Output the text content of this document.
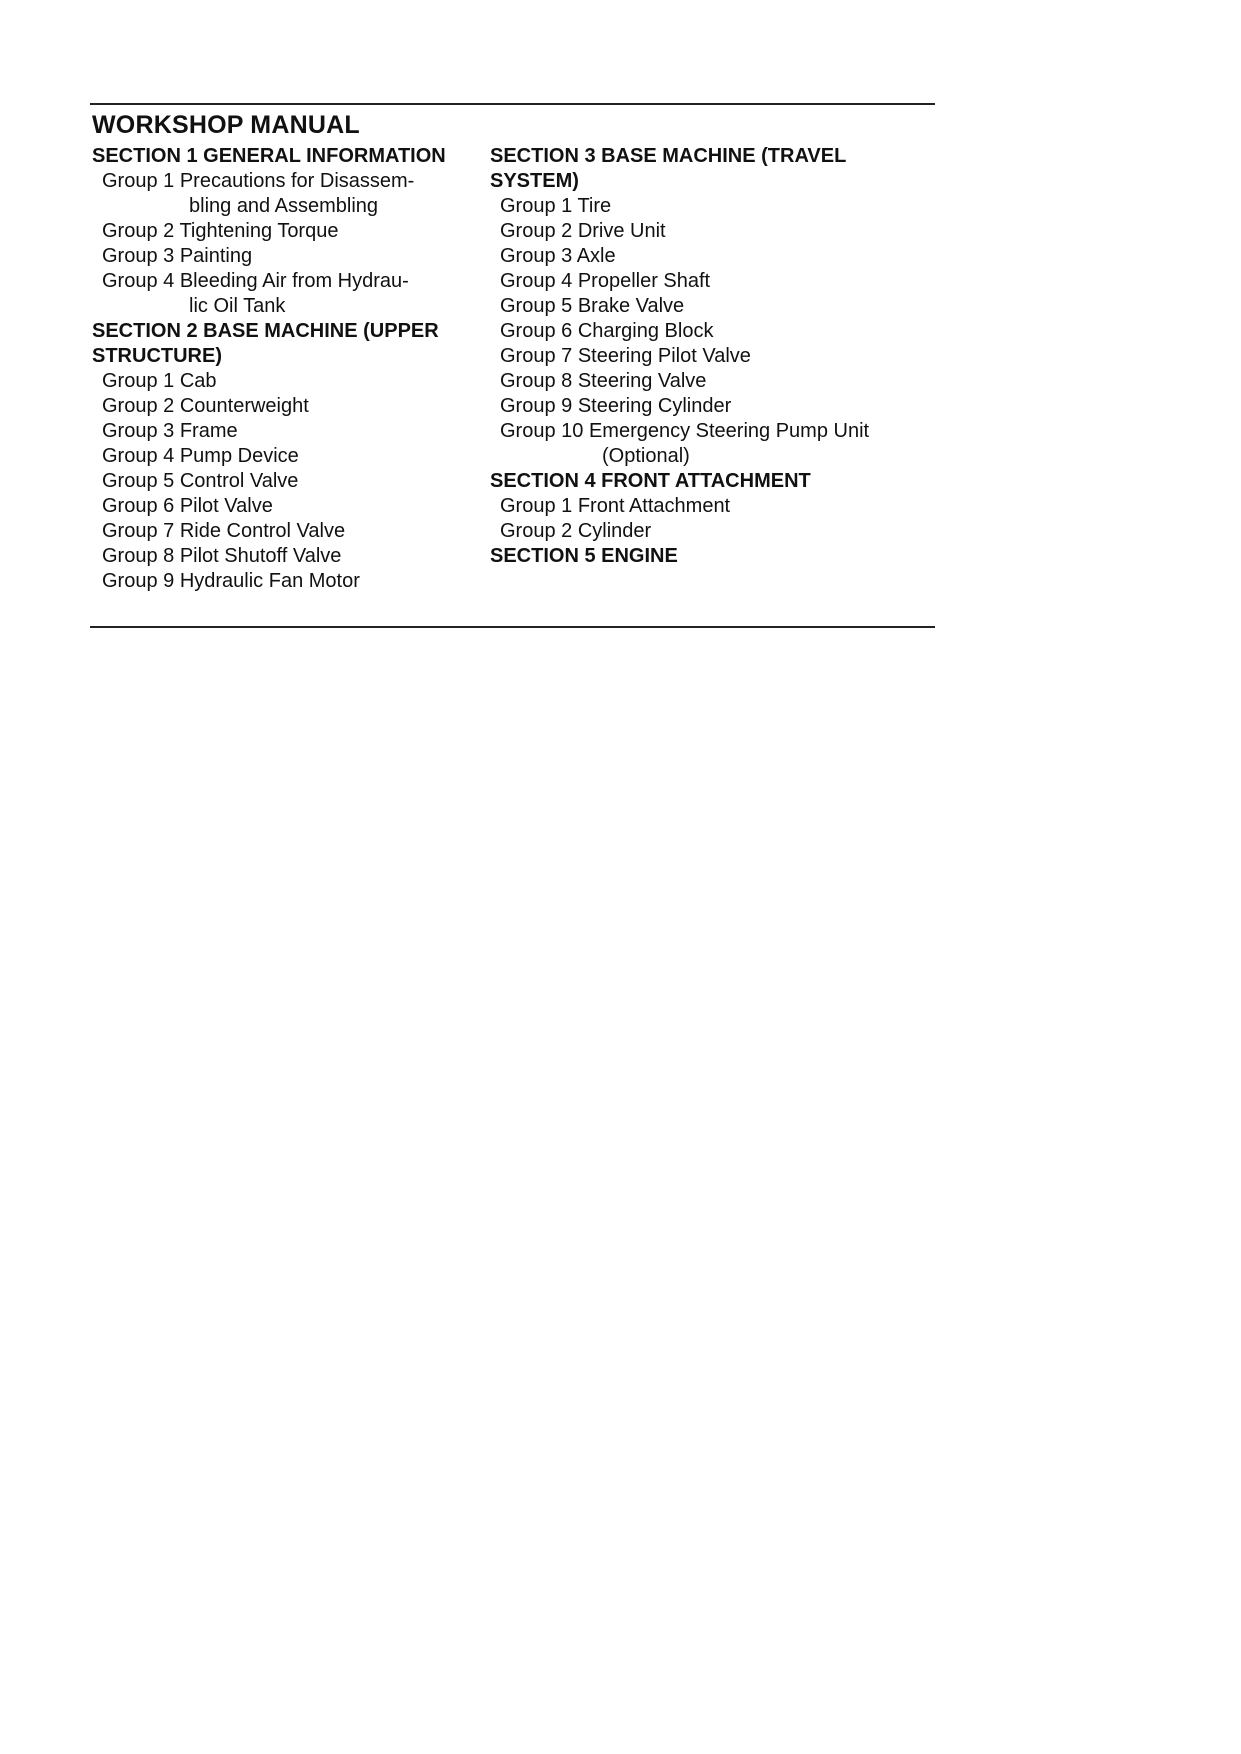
WORKSHOP MANUAL
SECTION 1 GENERAL INFORMATION
Group 1 Precautions for Disassem-
bling and Assembling
Group 2 Tightening Torque
Group 3 Painting
Group 4 Bleeding Air from Hydrau-
lic Oil Tank
SECTION 2 BASE MACHINE (UPPER
STRUCTURE)
Group 1 Cab
Group 2 Counterweight
Group 3 Frame
Group 4 Pump Device
Group 5 Control Valve
Group 6 Pilot Valve
Group 7 Ride Control Valve
Group 8 Pilot Shutoff Valve
Group 9 Hydraulic Fan Motor
SECTION 3 BASE MACHINE (TRAVEL
SYSTEM)
Group 1 Tire
Group 2 Drive Unit
Group 3 Axle
Group 4 Propeller Shaft
Group 5 Brake Valve
Group 6 Charging Block
Group 7 Steering Pilot Valve
Group 8 Steering Valve
Group 9 Steering Cylinder
Group 10 Emergency Steering Pump Unit
(Optional)
SECTION 4 FRONT ATTACHMENT
Group 1 Front Attachment
Group 2 Cylinder
SECTION 5 ENGINE
